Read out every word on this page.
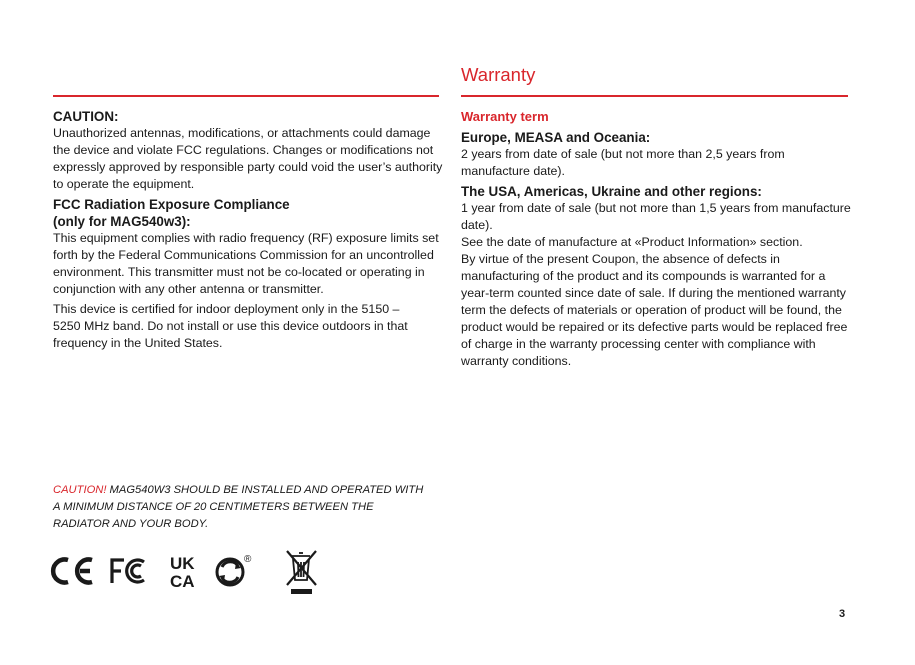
Warranty
CAUTION:

Unauthorized antennas, modifications, or attachments could damage the device and violate FCC regulations. Changes or modifications not expressly approved by responsible party could void the user’s authority to operate the equipment.

FCC Radiation Exposure Compliance
(only for MAG540w3):

This equipment complies with radio frequency (RF) exposure limits set forth by the Federal Communications Commission for an uncontrolled environment. This transmitter must not be co-located or operating in conjunction with any other antenna or transmitter.

This device is certified for indoor deployment only in the 5150 – 5250 MHz band. Do not install or use this device outdoors in that frequency in the United States.

Warranty term
Europe, MEASA and Oceania:

2 years from date of sale (but not more than 2,5 years from manufacture date).

The USA, Americas, Ukraine and other regions:

1 year from date of sale (but not more than 1,5 years from manufacture date).

See the date of manufacture at «Product Information» section.

By virtue of the present Coupon, the absence of defects in manufacturing of the product and its compounds is warranted for a year-term counted since date of sale. If during the mentioned warranty term the defects of materials or operation of product will be found, the product would be repaired or its defective parts would be replaced free of charge in the warranty processing center with compliance with warranty conditions.

CAUTION! MAG540W3 SHOULD BE INSTALLED AND OPERATED WITH A MINIMUM DISTANCE OF 20 CENTIMETERS BETWEEN THE RADIATOR AND YOUR BODY.
UK
CA
®
3
